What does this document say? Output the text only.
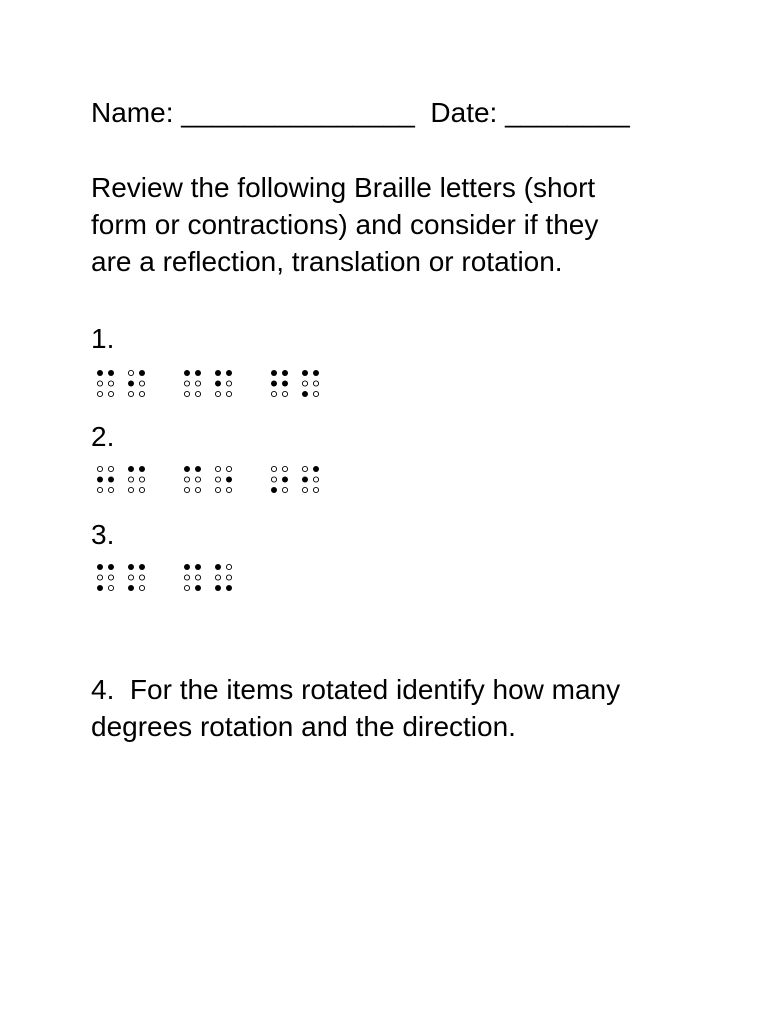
Name: _______________ Date: ________

Review the following Braille letters (short
form or contractions) and consider if they
are a reflection, translation or rotation.

1.

2.

3.

4.  For the items rotated identify how many
degrees rotation and the direction.
